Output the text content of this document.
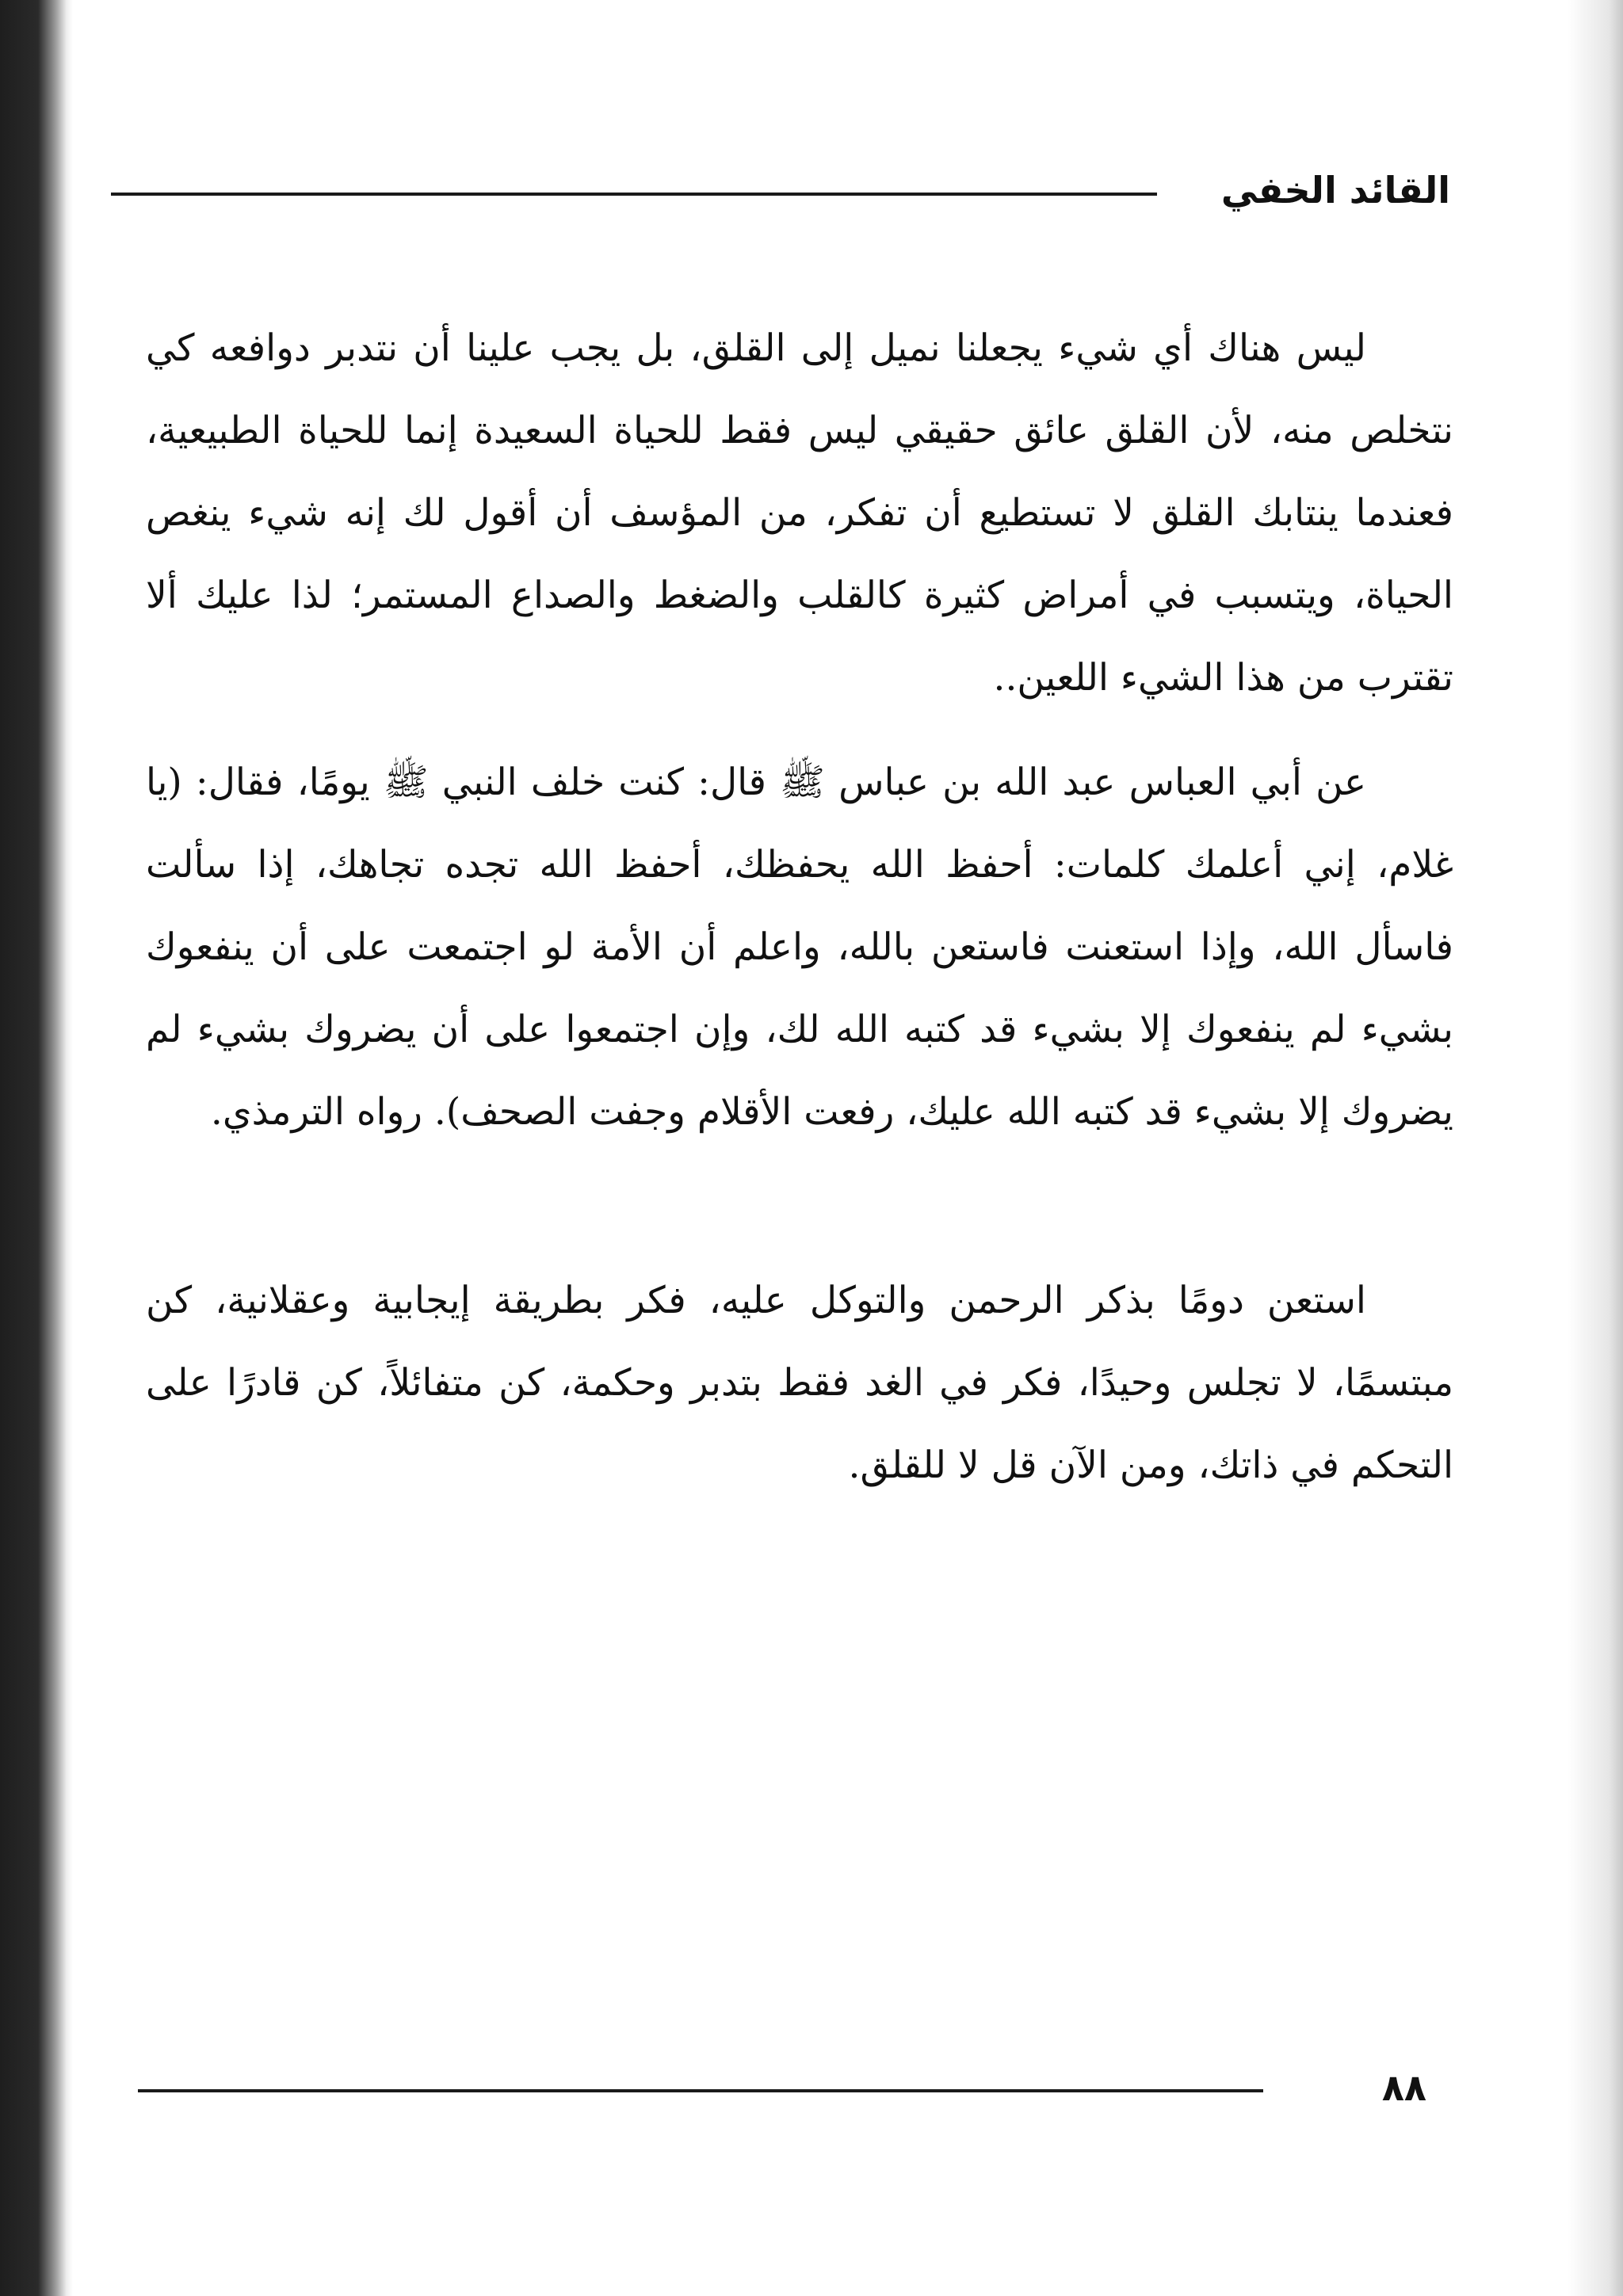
القائد الخفي

ليس هناك أي شيء يجعلنا نميل إلى القلق، بل يجب علينا أن نتدبر دوافعه كي نتخلص منه، لأن القلق عائق حقيقي ليس فقط للحياة السعيدة إنما للحياة الطبيعية، فعندما ينتابك القلق لا تستطيع أن تفكر، من المؤسف أن أقول لك إنه شيء ينغص الحياة، ويتسبب في أمراض كثيرة كالقلب والضغط والصداع المستمر؛ لذا عليك ألا تقترب من هذا الشيء اللعين..

عن أبي العباس عبد الله بن عباس ﷺ قال: كنت خلف النبي ﷺ يومًا، فقال: (يا غلام، إني أعلمك كلمات: أحفظ الله يحفظك، أحفظ الله تجده تجاهك، إذا سألت فاسأل الله، وإذا استعنت فاستعن بالله، واعلم أن الأمة لو اجتمعت على أن ينفعوك بشيء لم ينفعوك إلا بشيء قد كتبه الله لك، وإن اجتمعوا على أن يضروك بشيء لم يضروك إلا بشيء قد كتبه الله عليك، رفعت الأقلام وجفت الصحف). رواه الترمذي.

استعن دومًا بذكر الرحمن والتوكل عليه، فكر بطريقة إيجابية وعقلانية، كن مبتسمًا، لا تجلس وحيدًا، فكر في الغد فقط بتدبر وحكمة، كن متفائلاً، كن قادرًا على التحكم في ذاتك، ومن الآن قل لا للقلق.

٨٨
